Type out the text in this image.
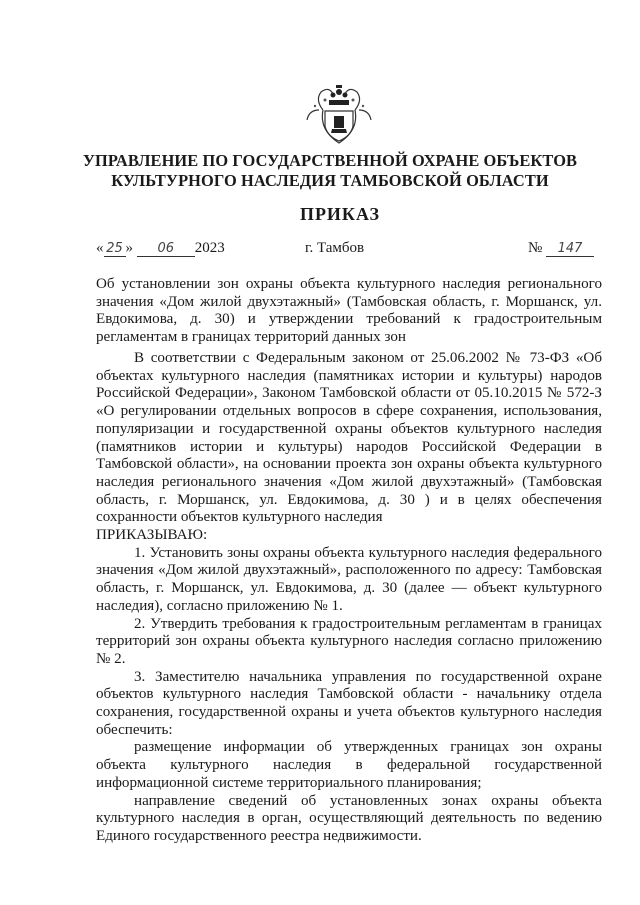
УПРАВЛЕНИЕ ПО ГОСУДАРСТВЕННОЙ ОХРАНЕ ОБЪЕКТОВ
КУЛЬТУРНОГО НАСЛЕДИЯ ТАМБОВСКОЙ ОБЛАСТИ
ПРИКАЗ
« 25 » 06 2023	г. Тамбов	№ 147
Об установлении зон охраны объекта культурного наследия регионального значения «Дом жилой двухэтажный» (Тамбовская область, г. Моршанск, ул. Евдокимова, д. 30) и утверждении требований к градостроительным регламентам в границах территорий данных зон

В соответствии с Федеральным законом от 25.06.2002 № 73-ФЗ «Об объектах культурного наследия (памятниках истории и культуры) народов Российской Федерации», Законом Тамбовской области от 05.10.2015 № 572-З «О регулировании отдельных вопросов в сфере сохранения, использования, популяризации и государственной охраны объектов культурного наследия (памятников истории и культуры) народов Российской Федерации в Тамбовской области», на основании проекта зон охраны объекта культурного наследия регионального значения «Дом жилой двухэтажный» (Тамбовская область, г. Моршанск, ул. Евдокимова, д. 30 ) и в целях обеспечения сохранности объектов культурного наследия

ПРИКАЗЫВАЮ:

1. Установить зоны охраны объекта культурного наследия федерального значения «Дом жилой двухэтажный», расположенного по адресу: Тамбовская область, г. Моршанск, ул. Евдокимова, д. 30 (далее — объект культурного наследия), согласно приложению № 1.

2. Утвердить требования к градостроительным регламентам в границах территорий зон охраны объекта культурного наследия согласно приложению № 2.

3. Заместителю начальника управления по государственной охране объектов культурного наследия Тамбовской области - начальнику отдела сохранения, государственной охраны и учета объектов культурного наследия обеспечить:

размещение информации об утвержденных границах зон охраны объекта культурного наследия в федеральной государственной информационной системе территориального планирования;

направление сведений об установленных зонах охраны объекта культурного наследия в орган, осуществляющий деятельность по ведению Единого государственного реестра недвижимости.
